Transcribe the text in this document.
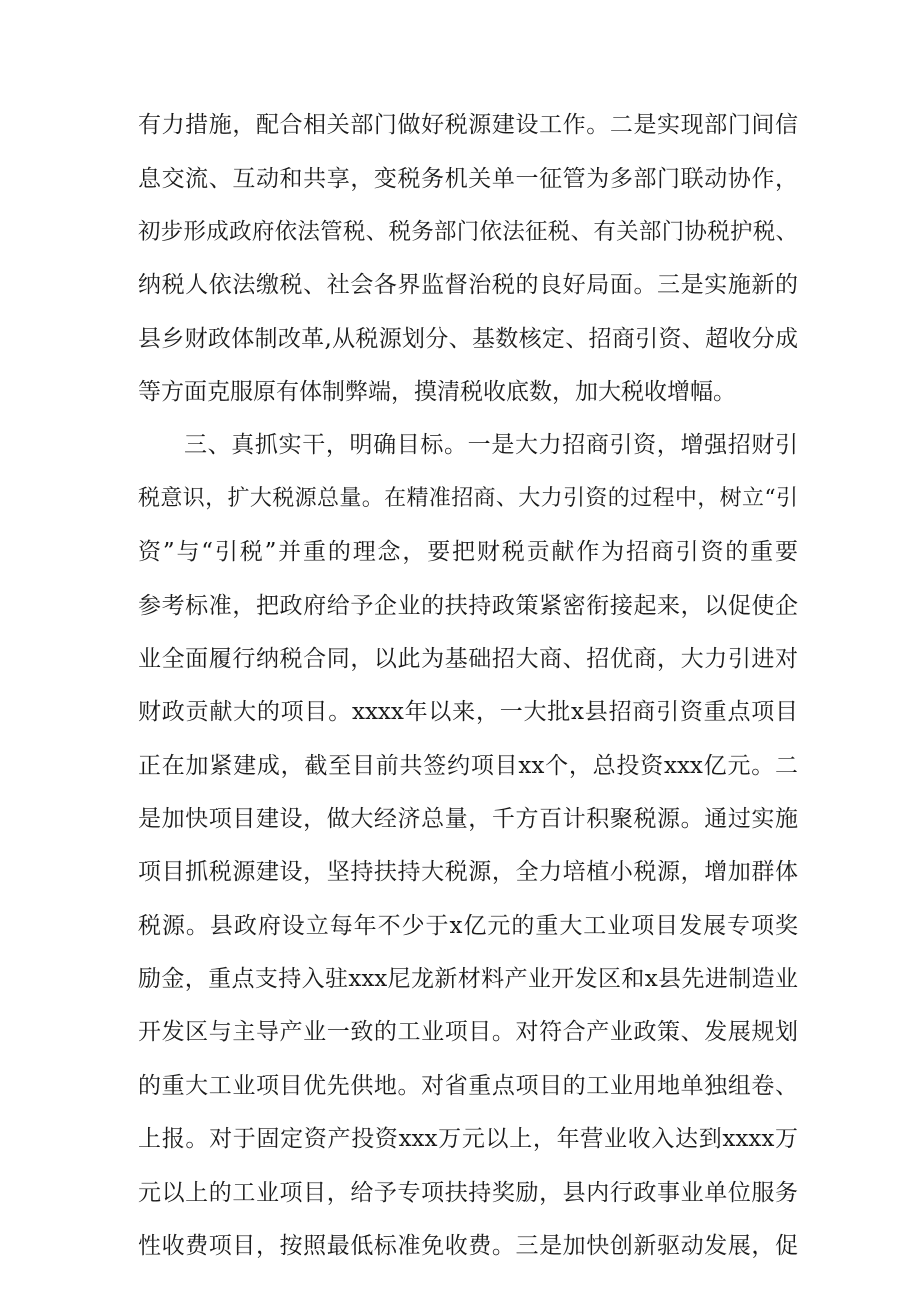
有力措施，配合相关部门做好税源建设工作。二是实现部门间信
息交流、互动和共享，变税务机关单一征管为多部门联动协作，
初步形成政府依法管税、税务部门依法征税、有关部门协税护税、
纳税人依法缴税、社会各界监督治税的良好局面。三是实施新的
县乡财政体制改革,从税源划分、基数核定、招商引资、超收分成
等方面克服原有体制弊端，摸清税收底数，加大税收增幅。
三、真抓实干，明确目标。一是大力招商引资，增强招财引
税意识，扩大税源总量。在精准招商、大力引资的过程中，树立“引
资”与“引税”并重的理念，要把财税贡献作为招商引资的重要
参考标准，把政府给予企业的扶持政策紧密衔接起来，以促使企
业全面履行纳税合同，以此为基础招大商、招优商，大力引进对
财政贡献大的项目。xxxx年以来，一大批x县招商引资重点项目
正在加紧建成，截至目前共签约项目xx个，总投资xxx亿元。二
是加快项目建设，做大经济总量，千方百计积聚税源。通过实施
项目抓税源建设，坚持扶持大税源，全力培植小税源，增加群体
税源。县政府设立每年不少于x亿元的重大工业项目发展专项奖
励金，重点支持入驻xxx尼龙新材料产业开发区和x县先进制造业
开发区与主导产业一致的工业项目。对符合产业政策、发展规划
的重大工业项目优先供地。对省重点项目的工业用地单独组卷、
上报。对于固定资产投资xxx万元以上，年营业收入达到xxxx万
元以上的工业项目，给予专项扶持奖励，县内行政事业单位服务
性收费项目，按照最低标准免收费。三是加快创新驱动发展，促
